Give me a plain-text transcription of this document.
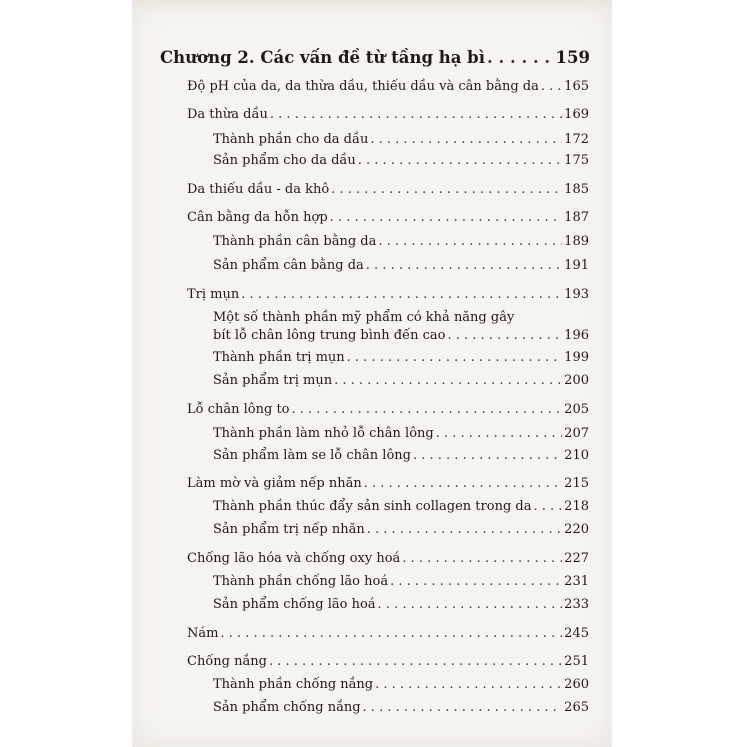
Chương 2. Các vấn đề từ tầng hạ bì . . .	159
Độ pH của da, da thừa dầu, thiếu dầu và cân bằng da . . . 165
Da thừa dầu . . .	169
Thành phần cho da dầu . . .	172
Sản phẩm cho da dầu . . .	175
Da thiếu dầu - da khô . . .	185
Cân bằng da hỗn hợp . . .	187
Thành phần cân bằng da . . .	189
Sản phẩm cân bằng da . . .	191
Trị mụn . . .	193
Một số thành phần mỹ phẩm có khả năng gây
bít lỗ chân lông trung bình đến cao . . .	196
Thành phần trị mụn . . .	199
Sản phẩm trị mụn . . .	200
Lỗ chân lông to . . .	205
Thành phần làm nhỏ lỗ chân lông . . .	207
Sản phẩm làm se lỗ chân lông . . .	210
Làm mờ và giảm nếp nhăn . . .	215
Thành phần thúc đẩy sản sinh collagen trong da . . .	218
Sản phẩm trị nếp nhăn . . .	220
Chống lão hóa và chống oxy hoá . . .	227
Thành phần chống lão hoá . . .	231
Sản phẩm chống lão hoá . . .	233
Nám . . .	245
Chống nắng . . .	251
Thành phần chống nắng . . .	260
Sản phẩm chống nắng . . .	265
